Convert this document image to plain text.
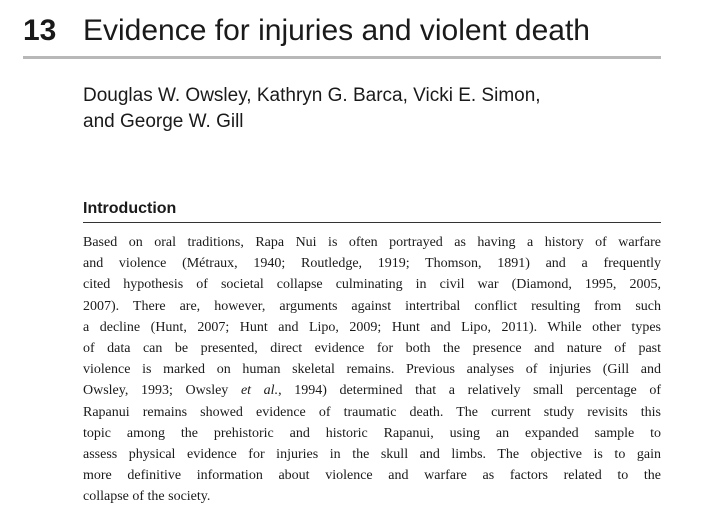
13 Evidence for injuries and violent death
Douglas W. Owsley, Kathryn G. Barca, Vicki E. Simon,
and George W. Gill
Introduction
Based on oral traditions, Rapa Nui is often portrayed as having a history of warfare
and violence (Métraux, 1940; Routledge, 1919; Thomson, 1891) and a frequently
cited hypothesis of societal collapse culminating in civil war (Diamond, 1995, 2005,
2007). There are, however, arguments against intertribal conflict resulting from such
a decline (Hunt, 2007; Hunt and Lipo, 2009; Hunt and Lipo, 2011). While other types
of data can be presented, direct evidence for both the presence and nature of past
violence is marked on human skeletal remains. Previous analyses of injuries (Gill and
Owsley, 1993; Owsley et al., 1994) determined that a relatively small percentage of
Rapanui remains showed evidence of traumatic death. The current study revisits this
topic among the prehistoric and historic Rapanui, using an expanded sample to
assess physical evidence for injuries in the skull and limbs. The objective is to gain
more definitive information about violence and warfare as factors related to the
collapse of the society.
